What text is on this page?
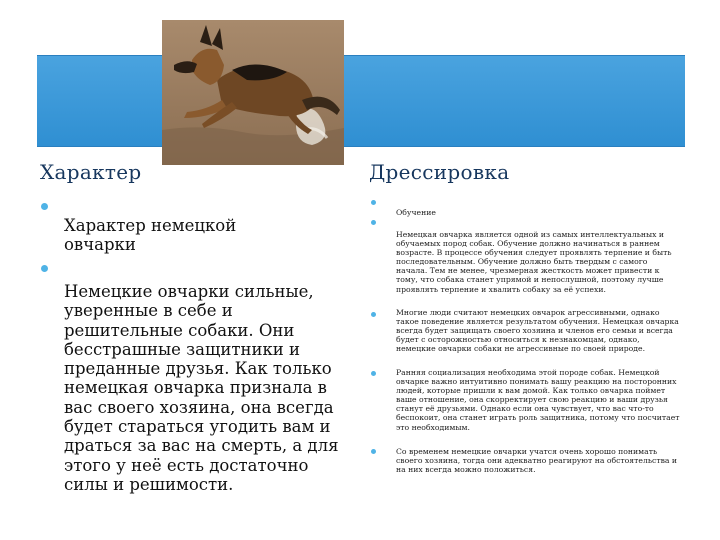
Характер	Дрессировка
Характер немецкой овчарки
Немецкие овчарки сильные, уверенные в себе и решительные собаки. Они бесстрашные защитники и преданные друзья. Как только немецкая овчарка признала в вас своего хозяина, она всегда будет стараться угодить вам и драться за вас на смерть, а для этого у неё есть достаточно силы и решимости.
Обучение
Немецкая овчарка является одной из самых интеллектуальных и обучаемых пород собак. Обучение должно начинаться в раннем возрасте. В процессе обучения следует проявлять терпение и быть последовательным. Обучение должно быть твердым с самого начала. Тем не менее, чрезмерная жесткость может привести к тому, что собака станет упрямой и непослушной, поэтому лучше проявлять терпение и хвалить собаку за её успехи.
Многие люди считают немецких овчарок агрессивными, однако такое поведение является результатом обучения. Немецкая овчарка всегда будет защищать своего хозяина и членов его семьи и всегда будет с осторожностью относиться к незнакомцам, однако, немецкие овчарки собаки не агрессивные по своей природе.
Ранняя социализация необходима этой породе собак. Немецкой овчарке важно интуитивно понимать вашу реакцию на посторонних людей, которые пришли к вам домой. Как только овчарка поймет ваше отношение, она скорректирует свою реакцию и ваши друзья станут её друзьями. Однако если она чувствует, что вас что-то беспокоит, она станет играть роль защитника, потому что посчитает это необходимым.
Со временем немецкие овчарки учатся очень хорошо понимать своего хозяина, тогда они адекватно реагируют на обстоятельства и на них всегда можно положиться.
